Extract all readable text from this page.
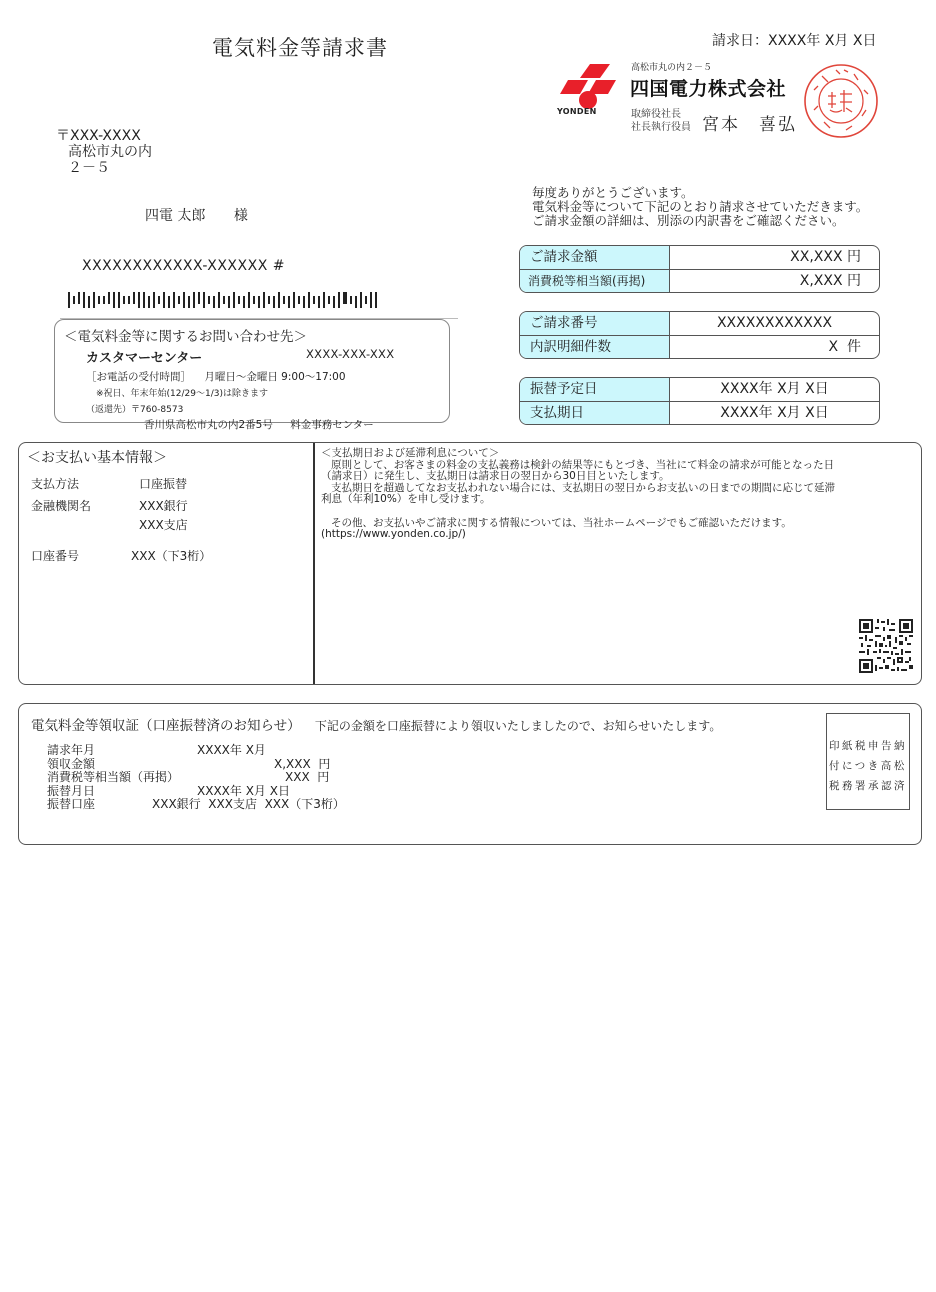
電気料金等請求書	請求日：XXXX年 X月 X日
YONDEN
高松市丸の内２－５
四国電力株式会社
取締役社長
社長執行役員 宮本　喜弘
〒XXX-XXXX
高松市丸の内
２－５
四電 太郎 様
XXXXXXXXXXXX-XXXXXX #
＜電気料金等に関するお問い合わせ先＞
カスタマーセンター	XXXX-XXX-XXX
［お電話の受付時間］ 月曜日～金曜日 9:00～17:00
※祝日、年末年始(12/29～1/3)は除きます
（返還先）〒760-8573
香川県高松市丸の内2番5号 料金事務センター
毎度ありがとうございます。
電気料金等について下記のとおり請求させていただきます。
ご請求金額の詳細は、別添の内訳書をご確認ください。
ご請求金額	XX,XXX 円
消費税等相当額(再掲)	X,XXX 円
ご請求番号	XXXXXXXXXXXX
内訳明細件数	X  件
振替予定日	XXXX年 X月 X日
支払期日	XXXX年 X月 X日
＜お支払い基本情報＞
支払方法	口座振替
金融機関名	XXX銀行
XXX支店
口座番号	XXX（下3桁）
＜支払期日および延滞利息について＞
原則として、お客さまの料金の支払義務は検針の結果等にもとづき、当社にて料金の請求が可能となった日
（請求日）に発生し、支払期日は請求日の翌日から30日目といたします。
支払期日を超過してなお支払われない場合には、支払期日の翌日からお支払いの日までの期間に応じて延滞
利息（年利10%）を申し受けます。
その他、お支払いやご請求に関する情報については、当社ホームページでもご確認いただけます。
(https://www.yonden.co.jp/)
電気料金等領収証（口座振替済のお知らせ） 下記の金額を口座振替により領収いたしましたので、お知らせいたします。
請求年月	XXXX年 X月
領収金額	X,XXX  円
消費税等相当額（再掲）	XXX  円
振替月日	XXXX年 X月 X日
振替口座	XXX銀行  XXX支店  XXX（下3桁）
印紙税申告納
付につき高松
税務署承認済
